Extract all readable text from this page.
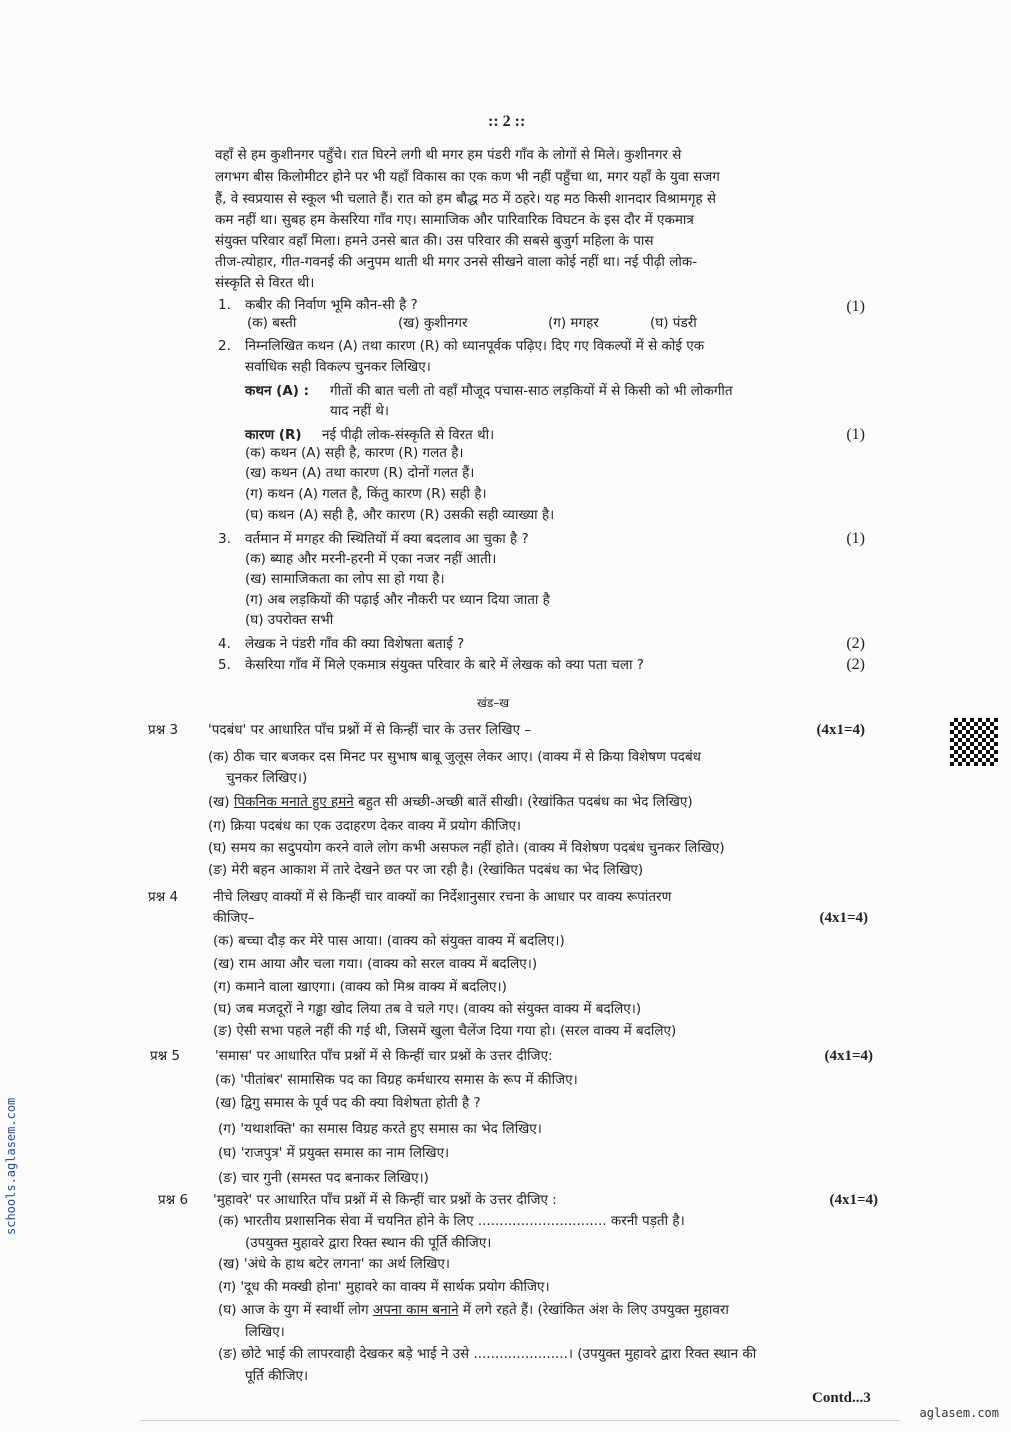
:: 2 ::
वहाँ से हम कुशीनगर पहुँचे। रात घिरने लगी थी मगर हम पंडरी गाँव के लोगों से मिले। कुशीनगर से
लगभग बीस किलोमीटर होने पर भी यहाँ विकास का एक कण भी नहीं पहुँचा था, मगर यहाँ के युवा सजग
हैं, वे स्वप्रयास से स्कूल भी चलाते हैं। रात को हम बौद्ध मठ में ठहरे। यह मठ किसी शानदार विश्रामगृह से
कम नहीं था। सुबह हम केसरिया गाँव गए। सामाजिक और पारिवारिक विघटन के इस दौर में एकमात्र
संयुक्त परिवार वहाँ मिला। हमने उनसे बात की। उस परिवार की सबसे बुजुर्ग महिला के पास
तीज-त्योहार, गीत-गवनई की अनुपम थाती थी मगर उनसे सीखने वाला कोई नहीं था। नई पीढ़ी लोक-
संस्कृति से विरत थी।
1. कबीर की निर्वाण भूमि कौन-सी है ?	(1)
(क) बस्ती	(ख) कुशीनगर	(ग) मगहर	(घ) पंडरी
2. निम्नलिखित कथन (A) तथा कारण (R) को ध्यानपूर्वक पढ़िए। दिए गए विकल्पों में से कोई एक
सर्वाधिक सही विकल्प चुनकर लिखिए।
कथन (A) : गीतों की बात चली तो वहाँ मौजूद पचास-साठ लड़कियों में से किसी को भी लोकगीत
याद नहीं थे।
कारण (R) नई पीढ़ी लोक-संस्कृति से विरत थी।	(1)
(क) कथन (A) सही है, कारण (R) गलत है।
(ख) कथन (A) तथा कारण (R) दोनों गलत हैं।
(ग) कथन (A) गलत है, किंतु कारण (R) सही है।
(घ) कथन (A) सही है, और कारण (R) उसकी सही व्याख्या है।
3. वर्तमान में मगहर की स्थितियों में क्या बदलाव आ चुका है ?	(1)
(क) ब्याह और मरनी-हरनी में एका नजर नहीं आती।
(ख) सामाजिकता का लोप सा हो गया है।
(ग) अब लड़कियों की पढ़ाई और नौकरी पर ध्यान दिया जाता है
(घ) उपरोक्त सभी
4. लेखक ने पंडरी गाँव की क्या विशेषता बताई ?	(2)
5. केसरिया गाँव में मिले एकमात्र संयुक्त परिवार के बारे में लेखक को क्या पता चला ?	(2)
खंड–ख
प्रश्न 3 'पदबंध' पर आधारित पाँच प्रश्नों में से किन्हीं चार के उत्तर लिखिए –	(4x1=4)
(क) ठीक चार बजकर दस मिनट पर सुभाष बाबू जुलूस लेकर आए। (वाक्य में से क्रिया विशेषण पदबंध
चुनकर लिखिए।)
(ख) पिकनिक मनाते हुए हमने बहुत सी अच्छी-अच्छी बातें सीखी। (रेखांकित पदबंध का भेद लिखिए)
(ग) क्रिया पदबंध का एक उदाहरण देकर वाक्य में प्रयोग कीजिए।
(घ) समय का सदुपयोग करने वाले लोग कभी असफल नहीं होते। (वाक्य में विशेषण पदबंध चुनकर लिखिए)
(ङ) मेरी बहन आकाश में तारे देखने छत पर जा रही है। (रेखांकित पदबंध का भेद लिखिए)
प्रश्न 4	नीचे लिखए वाक्यों में से किन्हीं चार वाक्यों का निर्देशानुसार रचना के आधार पर वाक्य रूपांतरण
कीजिए–	(4x1=4)
(क) बच्चा दौड़ कर मेरे पास आया। (वाक्य को संयुक्त वाक्य में बदलिए।)
(ख) राम आया और चला गया। (वाक्य को सरल वाक्य में बदलिए।)
(ग) कमाने वाला खाएगा। (वाक्य को मिश्र वाक्य में बदलिए।)
(घ) जब मजदूरों ने गड्ढा खोद लिया तब वे चले गए। (वाक्य को संयुक्त वाक्य में बदलिए।)
(ङ) ऐसी सभा पहले नहीं की गई थी, जिसमें खुला चैलेंज दिया गया हो। (सरल वाक्य में बदलिए)
प्रश्न 5	'समास' पर आधारित पाँच प्रश्नों में से किन्हीं चार प्रश्नों के उत्तर दीजिए:	(4x1=4)
(क) 'पीतांबर' सामासिक पद का विग्रह कर्मधारय समास के रूप में कीजिए।
(ख) द्विगु समास के पूर्व पद की क्या विशेषता होती है ?
(ग) 'यथाशक्ति' का समास विग्रह करते हुए समास का भेद लिखिए।
(घ) 'राजपुत्र' में प्रयुक्त समास का नाम लिखिए।
(ङ) चार गुनी (समस्त पद बनाकर लिखिए।)
प्रश्न 6 'मुहावरे' पर आधारित पाँच प्रश्नों में से किन्हीं चार प्रश्नों के उत्तर दीजिए :	(4x1=4)
(क) भारतीय प्रशासनिक सेवा में चयनित होने के लिए .............................. करनी पड़ती है।
(उपयुक्त मुहावरे द्वारा रिक्त स्थान की पूर्ति कीजिए।
(ख) 'अंधे के हाथ बटेर लगना' का अर्थ लिखिए।
(ग) 'दूध की मक्खी होना' मुहावरे का वाक्य में सार्थक प्रयोग कीजिए।
(घ) आज के युग में स्वार्थी लोग अपना काम बनाने में लगे रहते हैं। (रेखांकित अंश के लिए उपयुक्त मुहावरा
लिखिए।
(ङ) छोटे भाई की लापरवाही देखकर बड़े भाई ने उसे ......................। (उपयुक्त मुहावरे द्वारा रिक्त स्थान की
पूर्ति कीजिए।
Contd...3
schools.aglasem.com
aglasem.com
